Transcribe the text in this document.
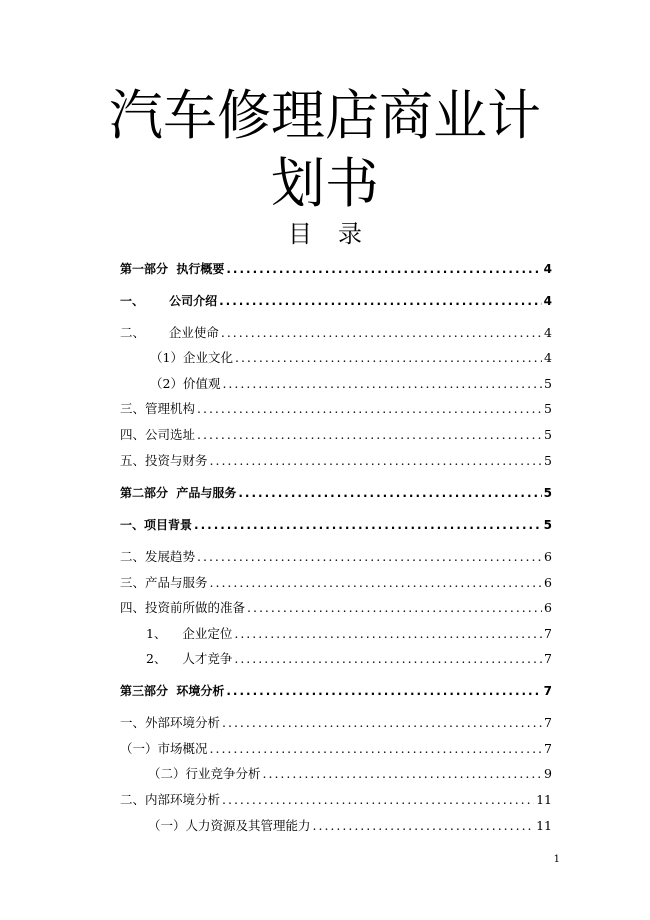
汽车修理店商业计
划书
目录
第一部分  执行概要 .....	4
一、      公司介绍 .....	4
二、      企业使命 .....	4
（1）企业文化 .....	4
（2）价值观 .....	5
三、管理机构 .....	5
四、公司选址 .....	5
五、投资与财务 .....	5
第二部分  产品与服务 .....	5
一、项目背景 .....	5
二、发展趋势 .....	6
三、产品与服务 .....	6
四、投资前所做的准备 .....	6
1、    企业定位 .....	7
2、    人才竞争 .....	7
第三部分  环境分析 .....	7
一、外部环境分析 .....	7
（一）市场概况 .....	7
（二）行业竞争分析 .....	9
二、内部环境分析 .....	11
（一）人力资源及其管理能力 .....	11
1
